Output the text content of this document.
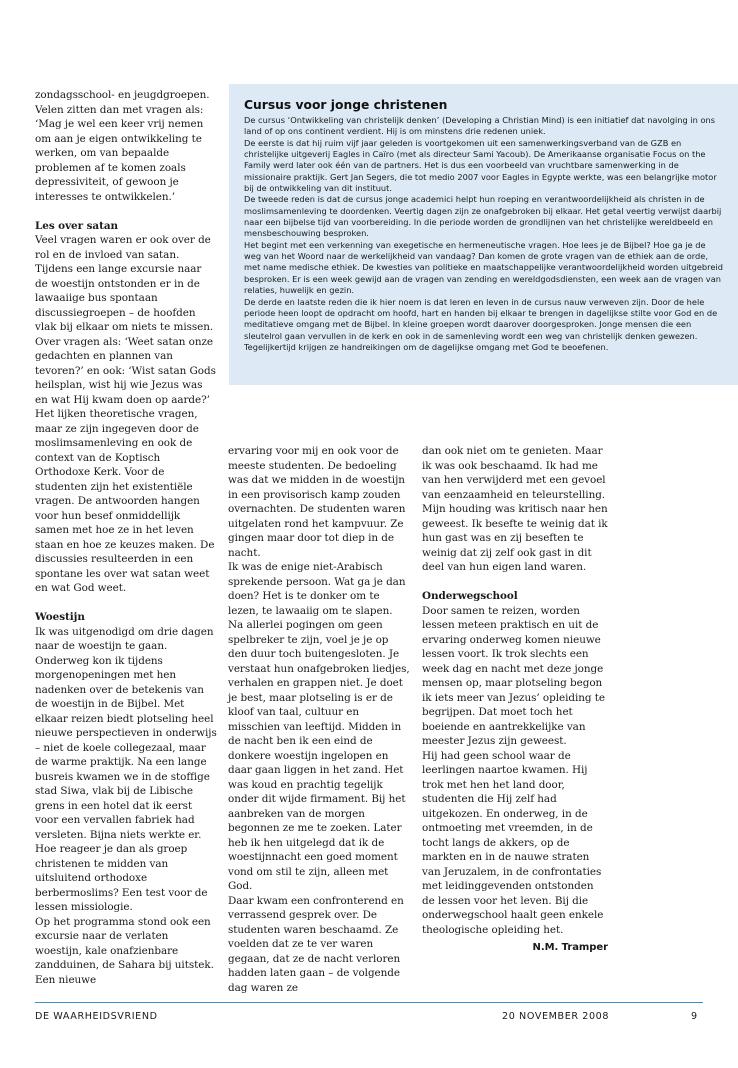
zondagsschool- en jeugdgroepen. Velen zitten dan met vragen als: ‘Mag je wel een keer vrij nemen om aan je eigen ontwikkeling te werken, om van bepaalde problemen af te komen zoals depressiviteit, of gewoon je interesses te ontwikkelen.’

Les over satan

Veel vragen waren er ook over de rol en de invloed van satan. Tijdens een lange excursie naar de woestijn ontstonden er in de lawaaiige bus spontaan discussiegroepen – de hoofden vlak bij elkaar om niets te missen. Over vragen als: ‘Weet satan onze gedachten en plannen van tevoren?’ en ook: ‘Wist satan Gods heilsplan, wist hij wie Jezus was en wat Hij kwam doen op aarde?’

Het lijken theoretische vragen, maar ze zijn ingegeven door de moslimsamenleving en ook de context van de Koptisch Orthodoxe Kerk. Voor de studenten zijn het existentiële vragen. De antwoorden hangen voor hun besef onmiddellijk samen met hoe ze in het leven staan en hoe ze keuzes maken. De discussies resulteerden in een spontane les over wat satan weet en wat God weet.

Woestijn

Ik was uitgenodigd om drie dagen naar de woestijn te gaan. Onderweg kon ik tijdens morgenopeningen met hen nadenken over de betekenis van de woestijn in de Bijbel. Met elkaar reizen biedt plotseling heel nieuwe perspectieven in onderwijs – niet de koele collegezaal, maar de warme praktijk. Na een lange busreis kwamen we in de stoffige stad Siwa, vlak bij de Libische grens in een hotel dat ik eerst voor een vervallen fabriek had versleten. Bijna niets werkte er. Hoe reageer je dan als groep christenen te midden van uitsluitend orthodoxe berbermoslims? Een test voor de lessen missiologie.

Op het programma stond ook een excursie naar de verlaten woestijn, kale onafzienbare zandduinen, de Sahara bij uitstek. Een nieuwe

Cursus voor jonge christenen

De cursus ‘Ontwikkeling van christelijk denken’ (Developing a Christian Mind) is een initiatief dat navolging in ons land of op ons continent verdient. Hij is om minstens drie redenen uniek.

De eerste is dat hij ruim vijf jaar geleden is voortgekomen uit een samenwerkingsverband van de GZB en christelijke uitgeverij Eagles in Caïro (met als directeur Sami Yacoub). De Amerikaanse organisatie Focus on the Family werd later ook één van de partners. Het is dus een voorbeeld van vruchtbare samenwerking in de missionaire praktijk. Gert Jan Segers, die tot medio 2007 voor Eagles in Egypte werkte, was een belangrijke motor bij de ontwikkeling van dit instituut.

De tweede reden is dat de cursus jonge academici helpt hun roeping en verantwoordelijkheid als christen in de moslimsamenleving te doordenken. Veertig dagen zijn ze onafgebroken bij elkaar. Het getal veertig verwijst daarbij naar een bijbelse tijd van voorbereiding. In die periode worden de grondlijnen van het christelijke wereldbeeld en mensbeschouwing besproken.

Het begint met een verkenning van exegetische en hermeneutische vragen. Hoe lees je de Bijbel? Hoe ga je de weg van het Woord naar de werkelijkheid van vandaag? Dan komen de grote vragen van de ethiek aan de orde, met name medische ethiek. De kwesties van politieke en maatschappelijke verantwoordelijkheid worden uitgebreid besproken. Er is een week gewijd aan de vragen van zending en wereldgodsdiensten, een week aan de vragen van relaties, huwelijk en gezin.

De derde en laatste reden die ik hier noem is dat leren en leven in de cursus nauw verweven zijn. Door de hele periode heen loopt de opdracht om hoofd, hart en handen bij elkaar te brengen in dagelijkse stilte voor God en de meditatieve omgang met de Bijbel. In kleine groepen wordt daarover doorgesproken. Jonge mensen die een sleutelrol gaan vervullen in de kerk en ook in de samenleving wordt een weg van christelijk denken gewezen. Tegelijkertijd krijgen ze handreikingen om de dagelijkse omgang met God te beoefenen.

ervaring voor mij en ook voor de meeste studenten. De bedoeling was dat we midden in de woestijn in een provisorisch kamp zouden overnachten. De studenten waren uitgelaten rond het kampvuur. Ze gingen maar door tot diep in de nacht.

Ik was de enige niet-Arabisch sprekende persoon. Wat ga je dan doen? Het is te donker om te lezen, te lawaaiig om te slapen. Na allerlei pogingen om geen spelbreker te zijn, voel je je op den duur toch buitengesloten. Je verstaat hun onafgebroken liedjes, verhalen en grappen niet. Je doet je best, maar plotseling is er de kloof van taal, cultuur en misschien van leeftijd. Midden in de nacht ben ik een eind de donkere woestijn ingelopen en daar gaan liggen in het zand. Het was koud en prachtig tegelijk onder dit wijde firmament. Bij het aanbreken van de morgen begonnen ze me te zoeken. Later heb ik hen uitgelegd dat ik de woestijnnacht een goed moment vond om stil te zijn, alleen met God.

Daar kwam een confronterend en verrassend gesprek over. De studenten waren beschaamd. Ze voelden dat ze te ver waren gegaan, dat ze de nacht verloren hadden laten gaan – de volgende dag waren ze

dan ook niet om te genieten. Maar ik was ook beschaamd. Ik had me van hen verwijderd met een gevoel van eenzaamheid en teleurstelling. Mijn houding was kritisch naar hen geweest. Ik besefte te weinig dat ik hun gast was en zij beseften te weinig dat zij zelf ook gast in dit deel van hun eigen land waren.

Onderwegschool

Door samen te reizen, worden lessen meteen praktisch en uit de ervaring onderweg komen nieuwe lessen voort. Ik trok slechts een week dag en nacht met deze jonge mensen op, maar plotseling begon ik iets meer van Jezus’ opleiding te begrijpen. Dat moet toch het boeiende en aantrekkelijke van meester Jezus zijn geweest.

Hij had geen school waar de leerlingen naartoe kwamen. Hij trok met hen het land door, studenten die Hij zelf had uitgekozen. En onderweg, in de ontmoeting met vreemden, in de tocht langs de akkers, op de markten en in de nauwe straten van Jeruzalem, in de confrontaties met leidinggevenden ontstonden de lessen voor het leven. Bij die onderwegschool haalt geen enkele theologische opleiding het.

N.M. Tramper
DE WAARHEIDSVRIEND	20 NOVEMBER 2008	9
